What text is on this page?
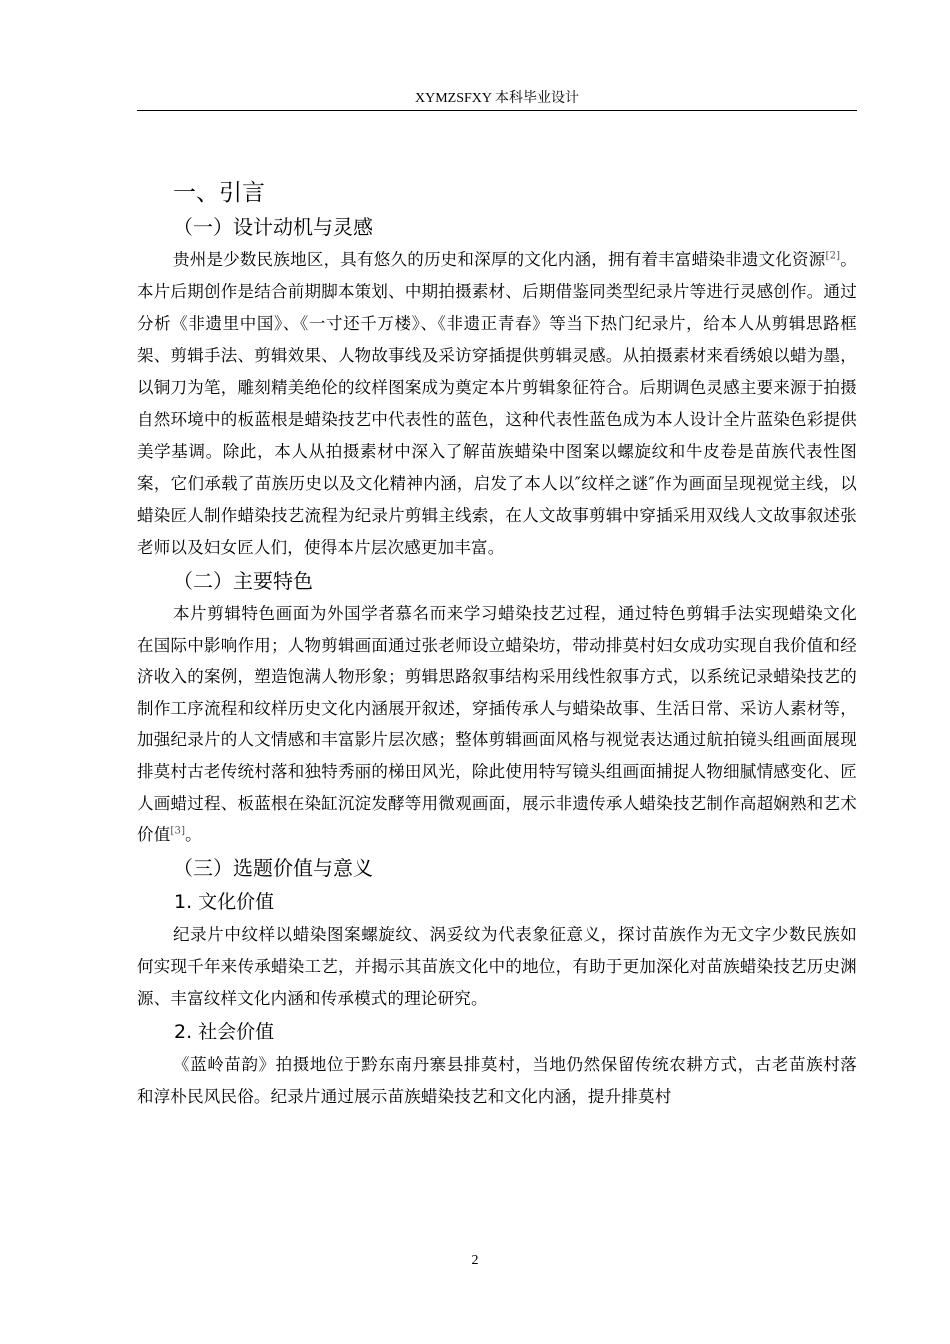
XYMZSFXY 本科毕业设计
一、引言
（一）设计动机与灵感

贵州是少数民族地区，具有悠久的历史和深厚的文化内涵，拥有着丰富蜡染非遗文化资源[2]。本片后期创作是结合前期脚本策划、中期拍摄素材、后期借鉴同类型纪录片等进行灵感创作。通过分析《非遗里中国》、《一寸还千万楼》、《非遗正青春》等当下热门纪录片，给本人从剪辑思路框架、剪辑手法、剪辑效果、人物故事线及采访穿插提供剪辑灵感。从拍摄素材来看绣娘以蜡为墨，以铜刀为笔，雕刻精美绝伦的纹样图案成为奠定本片剪辑象征符合。后期调色灵感主要来源于拍摄自然环境中的板蓝根是蜡染技艺中代表性的蓝色，这种代表性蓝色成为本人设计全片蓝染色彩提供美学基调。除此，本人从拍摄素材中深入了解苗族蜡染中图案以螺旋纹和牛皮卷是苗族代表性图案，它们承载了苗族历史以及文化精神内涵，启发了本人以″纹样之谜″作为画面呈现视觉主线，以蜡染匠人制作蜡染技艺流程为纪录片剪辑主线索，在人文故事剪辑中穿插采用双线人文故事叙述张老师以及妇女匠人们，使得本片层次感更加丰富。

（二）主要特色

本片剪辑特色画面为外国学者慕名而来学习蜡染技艺过程，通过特色剪辑手法实现蜡染文化在国际中影响作用；人物剪辑画面通过张老师设立蜡染坊，带动排莫村妇女成功实现自我价值和经济收入的案例，塑造饱满人物形象；剪辑思路叙事结构采用线性叙事方式，以系统记录蜡染技艺的制作工序流程和纹样历史文化内涵展开叙述，穿插传承人与蜡染故事、生活日常、采访人素材等，加强纪录片的人文情感和丰富影片层次感；整体剪辑画面风格与视觉表达通过航拍镜头组画面展现排莫村古老传统村落和独特秀丽的梯田风光，除此使用特写镜头组画面捕捉人物细腻情感变化、匠人画蜡过程、板蓝根在染缸沉淀发酵等用微观画面，展示非遗传承人蜡染技艺制作高超娴熟和艺术价值[3]。

（三）选题价值与意义
1. 文化价值

纪录片中纹样以蜡染图案螺旋纹、涡妥纹为代表象征意义，探讨苗族作为无文字少数民族如何实现千年来传承蜡染工艺，并揭示其苗族文化中的地位，有助于更加深化对苗族蜡染技艺历史渊源、丰富纹样文化内涵和传承模式的理论研究。

2. 社会价值

《蓝岭苗韵》拍摄地位于黔东南丹寨县排莫村，当地仍然保留传统农耕方式，古老苗族村落和淳朴民风民俗。纪录片通过展示苗族蜡染技艺和文化内涵，提升排莫村

2
